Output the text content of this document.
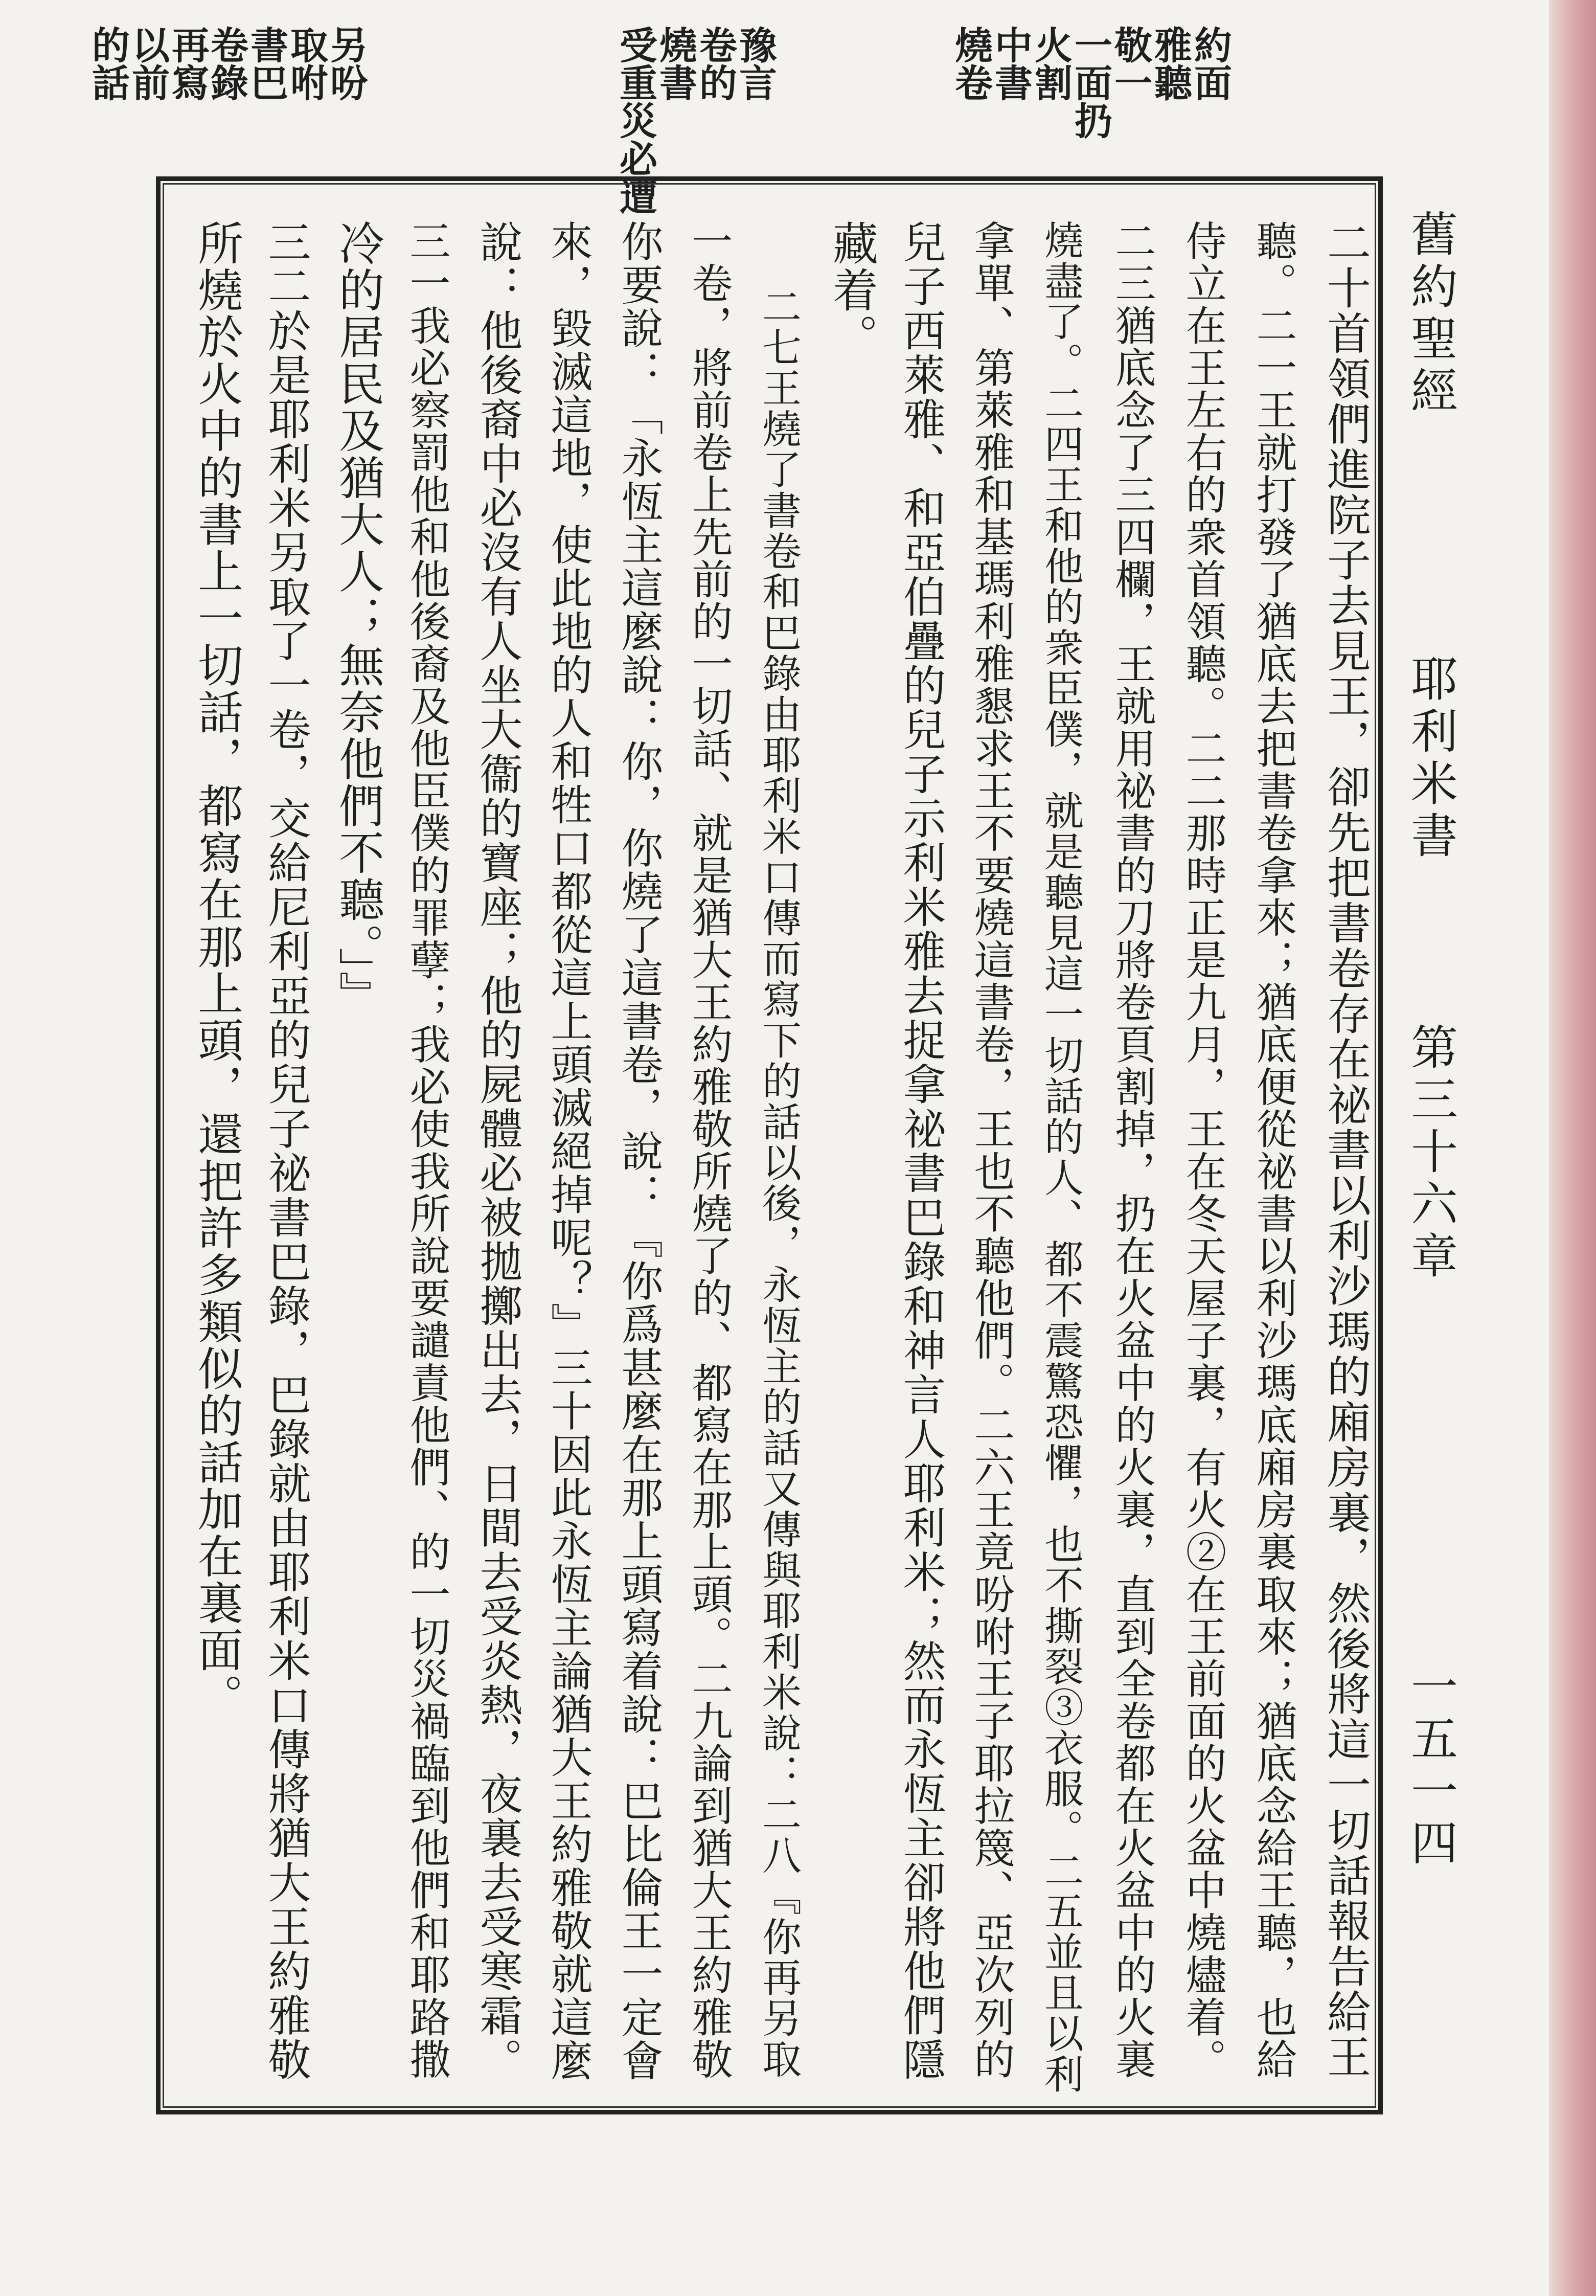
舊約聖經
耶利米書
第三十六章
一五一四
約面
雅聽
敬一
一面扔
火割
中書
燒卷
豫言
卷的
燒書
受重災必遭
另吩
取咐
書巴
卷錄
再寫
以前
的話
二十首領們進院子去見王，卻先把書卷存在祕書以利沙瑪的廂房裏，然後將這一切話報告給王
聽。二一王就打發了猶底去把書卷拿來；猶底便從祕書以利沙瑪底廂房裏取來；猶底念給王聽，也給
侍立在王左右的衆首領聽。二二那時正是九月，王在冬天屋子裏，有火②在王前面的火盆中燒燼着。
二三猶底念了三四欄，王就用祕書的刀將卷頁割掉，扔在火盆中的火裏，直到全卷都在火盆中的火裏
燒盡了。二四王和他的衆臣僕，就是聽見這一切話的人、都不震驚恐懼，也不撕裂③衣服。二五並且以利
拿單、第萊雅和基瑪利雅懇求王不要燒這書卷，王也不聽他們。二六王竟吩咐王子耶拉篾、亞次列的
兒子西萊雅、和亞伯疊的兒子示利米雅去捉拿祕書巴錄和神言人耶利米；然而永恆主卻將他們隱
藏着。
二七王燒了書卷和巴錄由耶利米口傳而寫下的話以後，永恆主的話又傳與耶利米說：二八『你再另取
一卷，將前卷上先前的一切話、就是猶大王約雅敬所燒了的、都寫在那上頭。二九論到猶大王約雅敬
你要說：「永恆主這麼說：你，你燒了這書卷，說：『你爲甚麼在那上頭寫着說：巴比倫王一定會
來，毀滅這地，使此地的人和牲口都從這上頭滅絕掉呢？』三十因此永恆主論猶大王約雅敬就這麼
說：他後裔中必沒有人坐大衞的寶座；他的屍體必被拋擲出去，日間去受炎熱，夜裏去受寒霜。
三一我必察罰他和他後裔及他臣僕的罪孽；我必使我所說要譴責他們、的一切災禍臨到他們和耶路撒
冷的居民及猶大人；無奈他們不聽。」』
三二於是耶利米另取了一卷，交給尼利亞的兒子祕書巴錄，巴錄就由耶利米口傳將猶大王約雅敬
所燒於火中的書上一切話，都寫在那上頭，還把許多類似的話加在裏面。
